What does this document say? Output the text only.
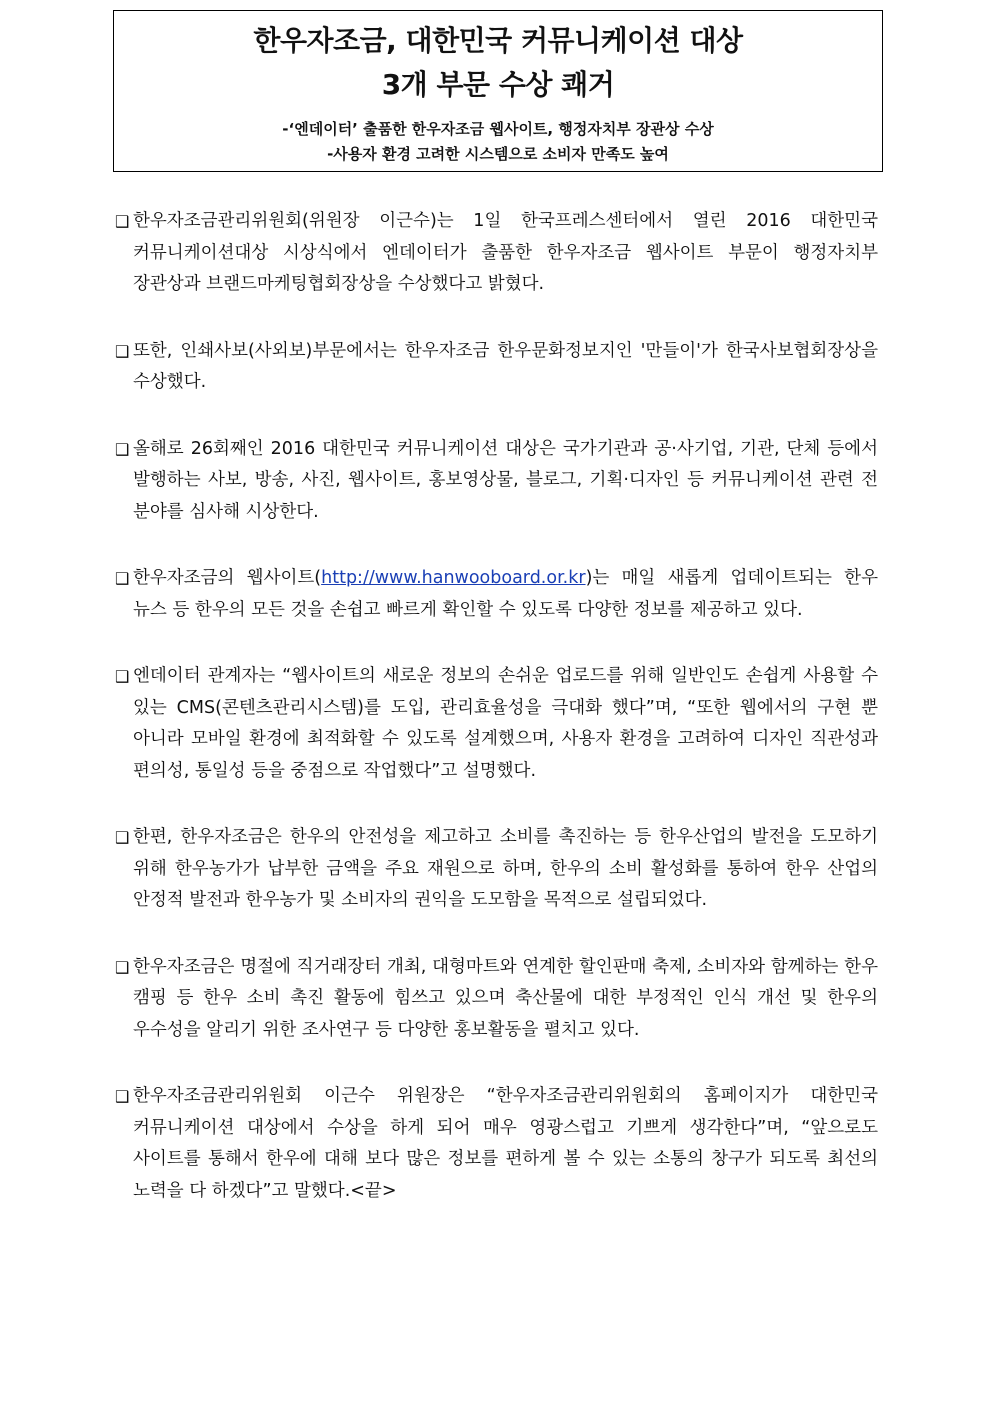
한우자조금, 대한민국 커뮤니케이션 대상
3개 부문 수상 쾌거
-‘엔데이터’ 출품한 한우자조금 웹사이트, 행정자치부 장관상 수상
-사용자 환경 고려한 시스템으로 소비자 만족도 높여
❑ 한우자조금관리위원회(위원장 이근수)는 1일 한국프레스센터에서 열린 2016 대한민국 커뮤니케이션대상 시상식에서 엔데이터가 출품한 한우자조금 웹사이트 부문이 행정자치부 장관상과 브랜드마케팅협회장상을 수상했다고 밝혔다.
❑ 또한, 인쇄사보(사외보)부문에서는 한우자조금 한우문화정보지인 '만들이'가 한국사보협회장상을 수상했다.
❑ 올해로 26회째인 2016 대한민국 커뮤니케이션 대상은 국가기관과 공·사기업, 기관, 단체 등에서 발행하는 사보, 방송, 사진, 웹사이트, 홍보영상물, 블로그, 기획·디자인 등 커뮤니케이션 관련 전 분야를 심사해 시상한다.
❑ 한우자조금의 웹사이트(http://www.hanwooboard.or.kr)는 매일 새롭게 업데이트되는 한우 뉴스 등 한우의 모든 것을 손쉽고 빠르게 확인할 수 있도록 다양한 정보를 제공하고 있다.
❑ 엔데이터 관계자는 “웹사이트의 새로운 정보의 손쉬운 업로드를 위해 일반인도 손쉽게 사용할 수 있는 CMS(콘텐츠관리시스템)를 도입, 관리효율성을 극대화 했다”며, “또한 웹에서의 구현 뿐 아니라 모바일 환경에 최적화할 수 있도록 설계했으며, 사용자 환경을 고려하여 디자인 직관성과 편의성, 통일성 등을 중점으로 작업했다”고 설명했다.
❑ 한편, 한우자조금은 한우의 안전성을 제고하고 소비를 촉진하는 등 한우산업의 발전을 도모하기 위해 한우농가가 납부한 금액을 주요 재원으로 하며, 한우의 소비 활성화를 통하여 한우 산업의 안정적 발전과 한우농가 및 소비자의 권익을 도모함을 목적으로 설립되었다.
❑ 한우자조금은 명절에 직거래장터 개최, 대형마트와 연계한 할인판매 축제, 소비자와 함께하는 한우 캠핑 등 한우 소비 촉진 활동에 힘쓰고 있으며 축산물에 대한 부정적인 인식 개선 및 한우의 우수성을 알리기 위한 조사연구 등 다양한 홍보활동을 펼치고 있다.
❑ 한우자조금관리위원회 이근수 위원장은 “한우자조금관리위원회의 홈페이지가 대한민국 커뮤니케이션 대상에서 수상을 하게 되어 매우 영광스럽고 기쁘게 생각한다”며, “앞으로도 사이트를 통해서 한우에 대해 보다 많은 정보를 편하게 볼 수 있는 소통의 창구가 되도록 최선의 노력을 다 하겠다”고 말했다.<끝>
